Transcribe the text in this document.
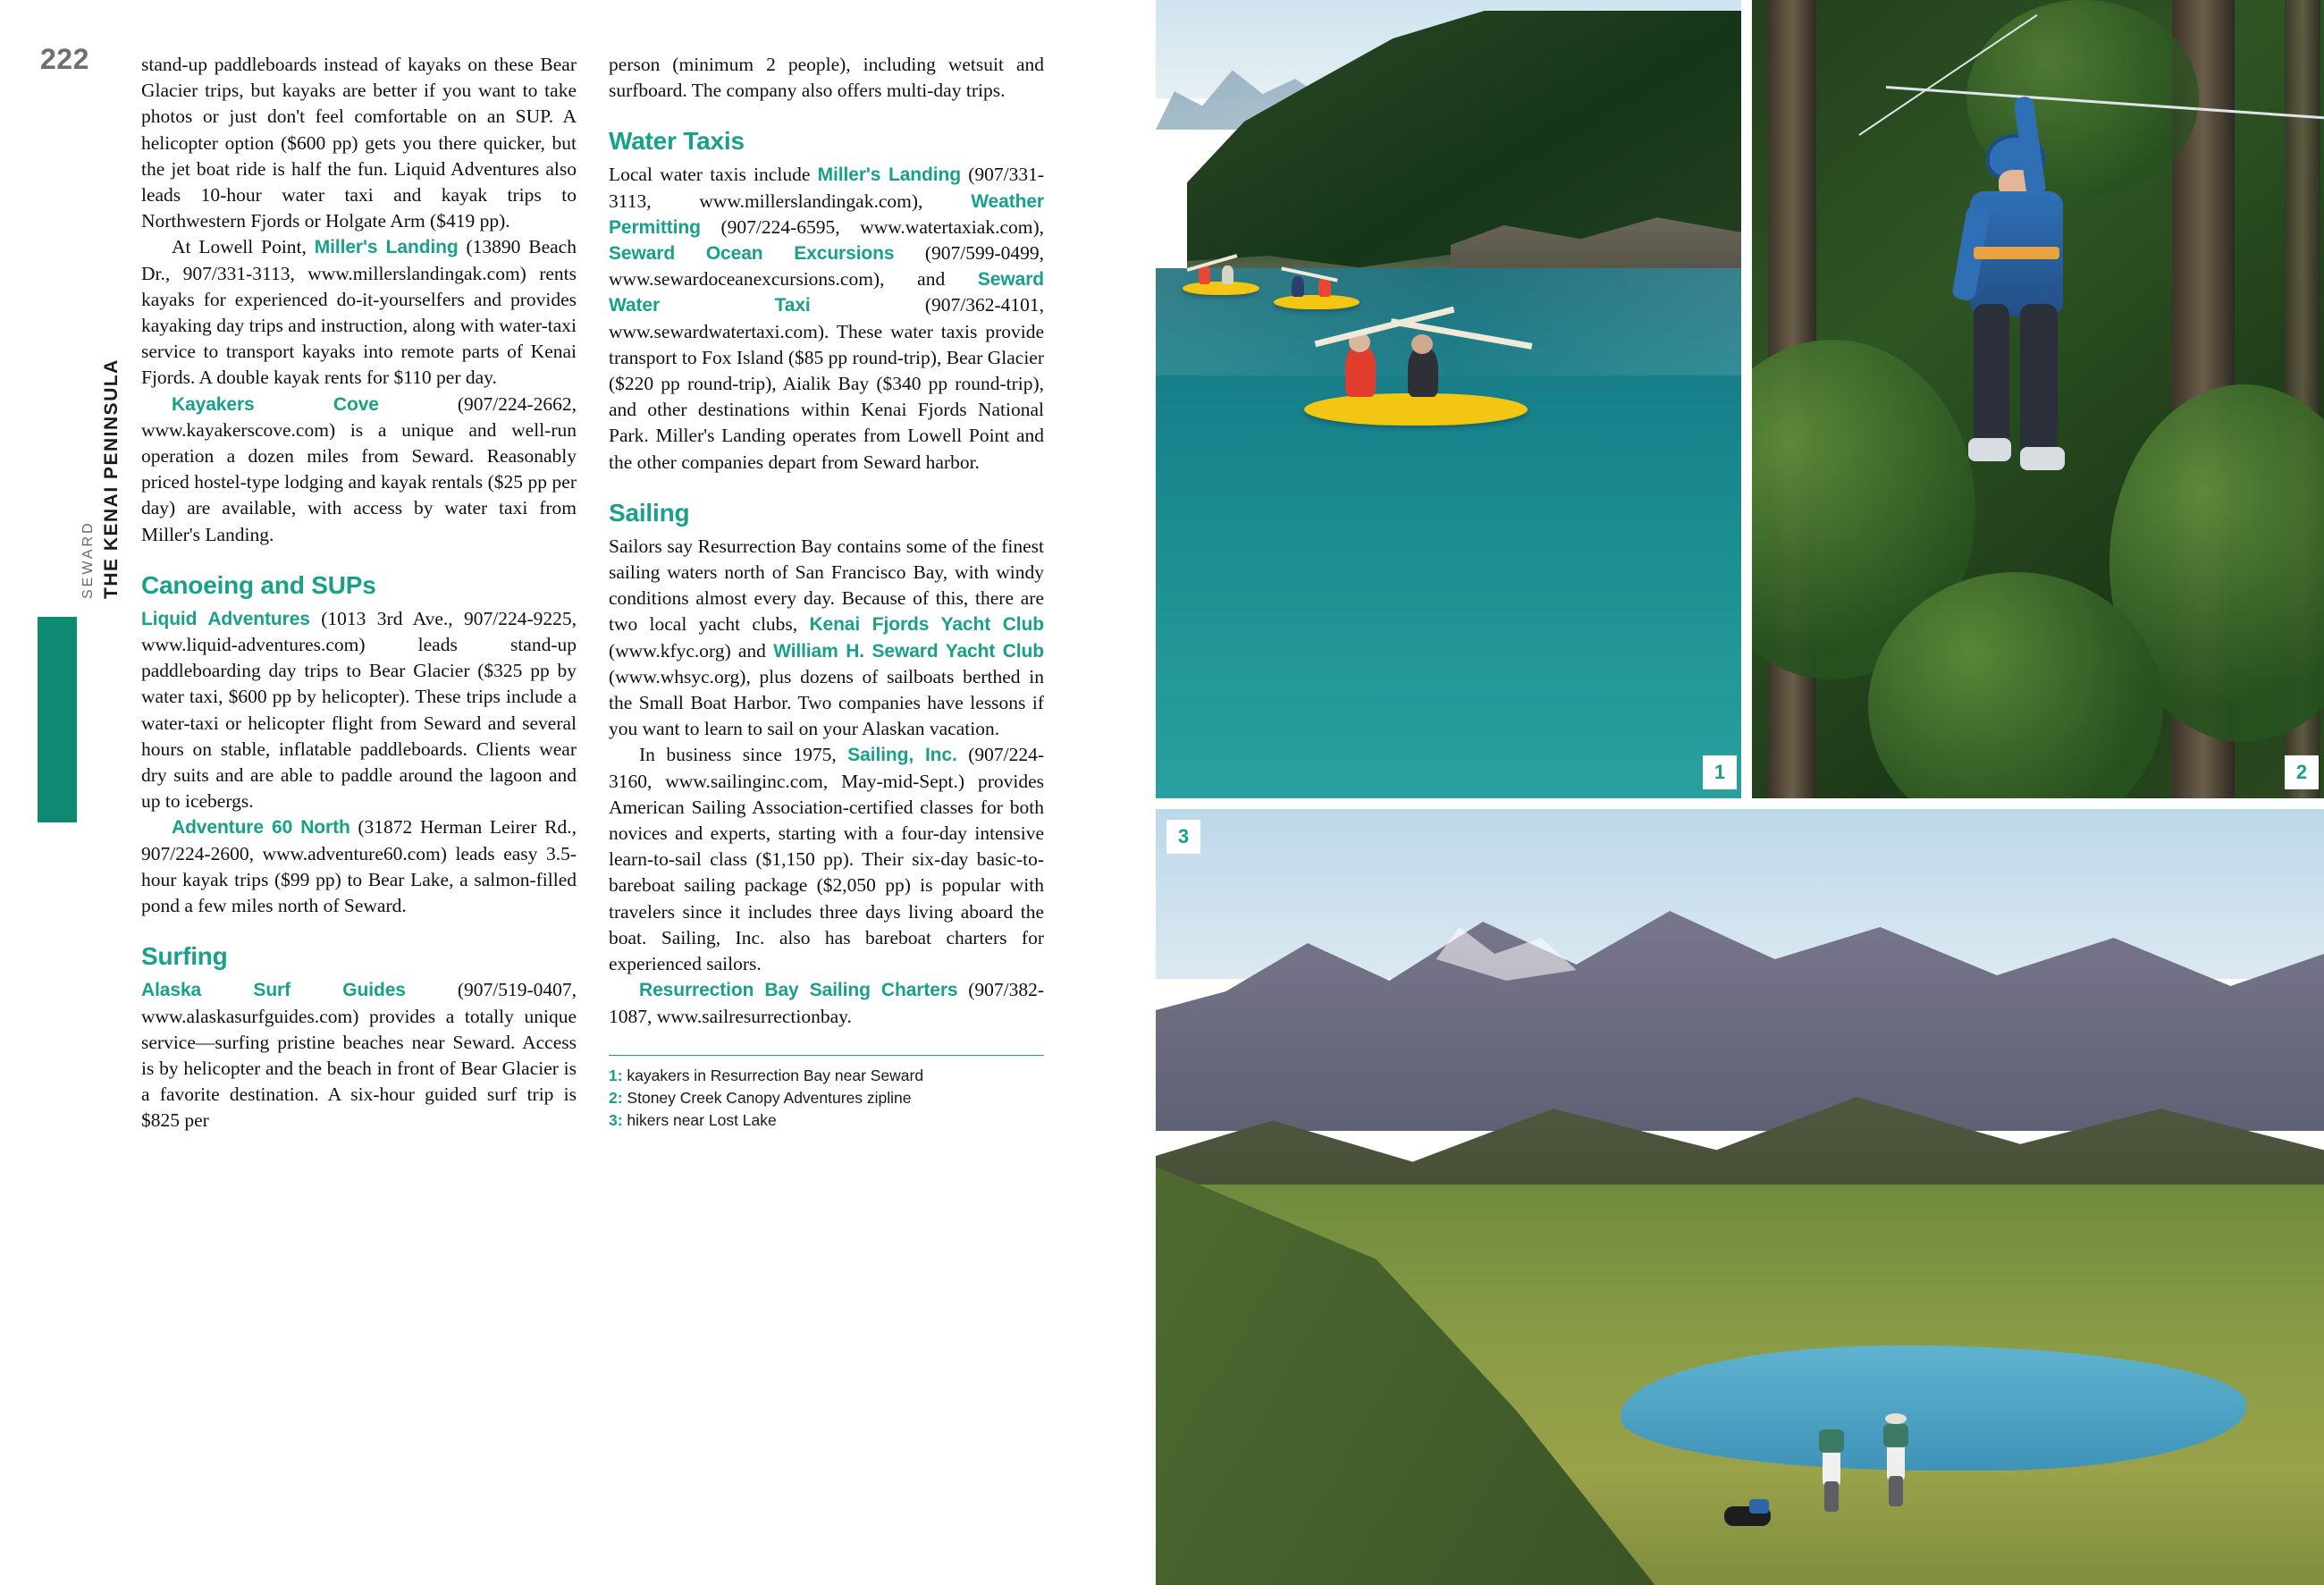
222
SEWARD THE KENAI PENINSULA

stand-up paddleboards instead of kayaks on these Bear Glacier trips, but kayaks are better if you want to take photos or just don't feel comfortable on an SUP. A helicopter option ($600 pp) gets you there quicker, but the jet boat ride is half the fun. Liquid Adventures also leads 10-hour water taxi and kayak trips to Northwestern Fjords or Holgate Arm ($419 pp).

At Lowell Point, Miller's Landing (13890 Beach Dr., 907/331-3113, www.millerslandingak.com) rents kayaks for experienced do-it-yourselfers and provides kayaking day trips and instruction, along with water-taxi service to transport kayaks into remote parts of Kenai Fjords. A double kayak rents for $110 per day.

Kayakers Cove (907/224-2662, www.kayakerscove.com) is a unique and well-run operation a dozen miles from Seward. Reasonably priced hostel-type lodging and kayak rentals ($25 pp per day) are available, with access by water taxi from Miller's Landing.

Canoeing and SUPs

Liquid Adventures (1013 3rd Ave., 907/224-9225, www.liquid-adventures.com) leads stand-up paddleboarding day trips to Bear Glacier ($325 pp by water taxi, $600 pp by helicopter). These trips include a water-taxi or helicopter flight from Seward and several hours on stable, inflatable paddleboards. Clients wear dry suits and are able to paddle around the lagoon and up to icebergs.

Adventure 60 North (31872 Herman Leirer Rd., 907/224-2600, www.adventure60.com) leads easy 3.5-hour kayak trips ($99 pp) to Bear Lake, a salmon-filled pond a few miles north of Seward.

Surfing

Alaska Surf Guides (907/519-0407, www.alaskasurfguides.com) provides a totally unique service—surfing pristine beaches near Seward. Access is by helicopter and the beach in front of Bear Glacier is a favorite destination. A six-hour guided surf trip is $825 per

person (minimum 2 people), including wetsuit and surfboard. The company also offers multi-day trips.

Water Taxis

Local water taxis include Miller's Landing (907/331-3113, www.millerslandingak.com), Weather Permitting (907/224-6595, www.watertaxiak.com), Seward Ocean Excursions (907/599-0499, www.sewardoceanexcursions.com), and Seward Water Taxi (907/362-4101, www.sewardwatertaxi.com). These water taxis provide transport to Fox Island ($85 pp round-trip), Bear Glacier ($220 pp round-trip), Aialik Bay ($340 pp round-trip), and other destinations within Kenai Fjords National Park. Miller's Landing operates from Lowell Point and the other companies depart from Seward harbor.

Sailing

Sailors say Resurrection Bay contains some of the finest sailing waters north of San Francisco Bay, with windy conditions almost every day. Because of this, there are two local yacht clubs, Kenai Fjords Yacht Club (www.kfyc.org) and William H. Seward Yacht Club (www.whsyc.org), plus dozens of sailboats berthed in the Small Boat Harbor. Two companies have lessons if you want to learn to sail on your Alaskan vacation.

In business since 1975, Sailing, Inc. (907/224-3160, www.sailinginc.com, May-mid-Sept.) provides American Sailing Association-certified classes for both novices and experts, starting with a four-day intensive learn-to-sail class ($1,150 pp). Their six-day basic-to-bareboat sailing package ($2,050 pp) is popular with travelers since it includes three days living aboard the boat. Sailing, Inc. also has bareboat charters for experienced sailors.

Resurrection Bay Sailing Charters (907/382-1087, www.sailresurrectionbay.

1: kayakers in Resurrection Bay near Seward
2: Stoney Creek Canopy Adventures zipline
3: hikers near Lost Lake
1	2
3
